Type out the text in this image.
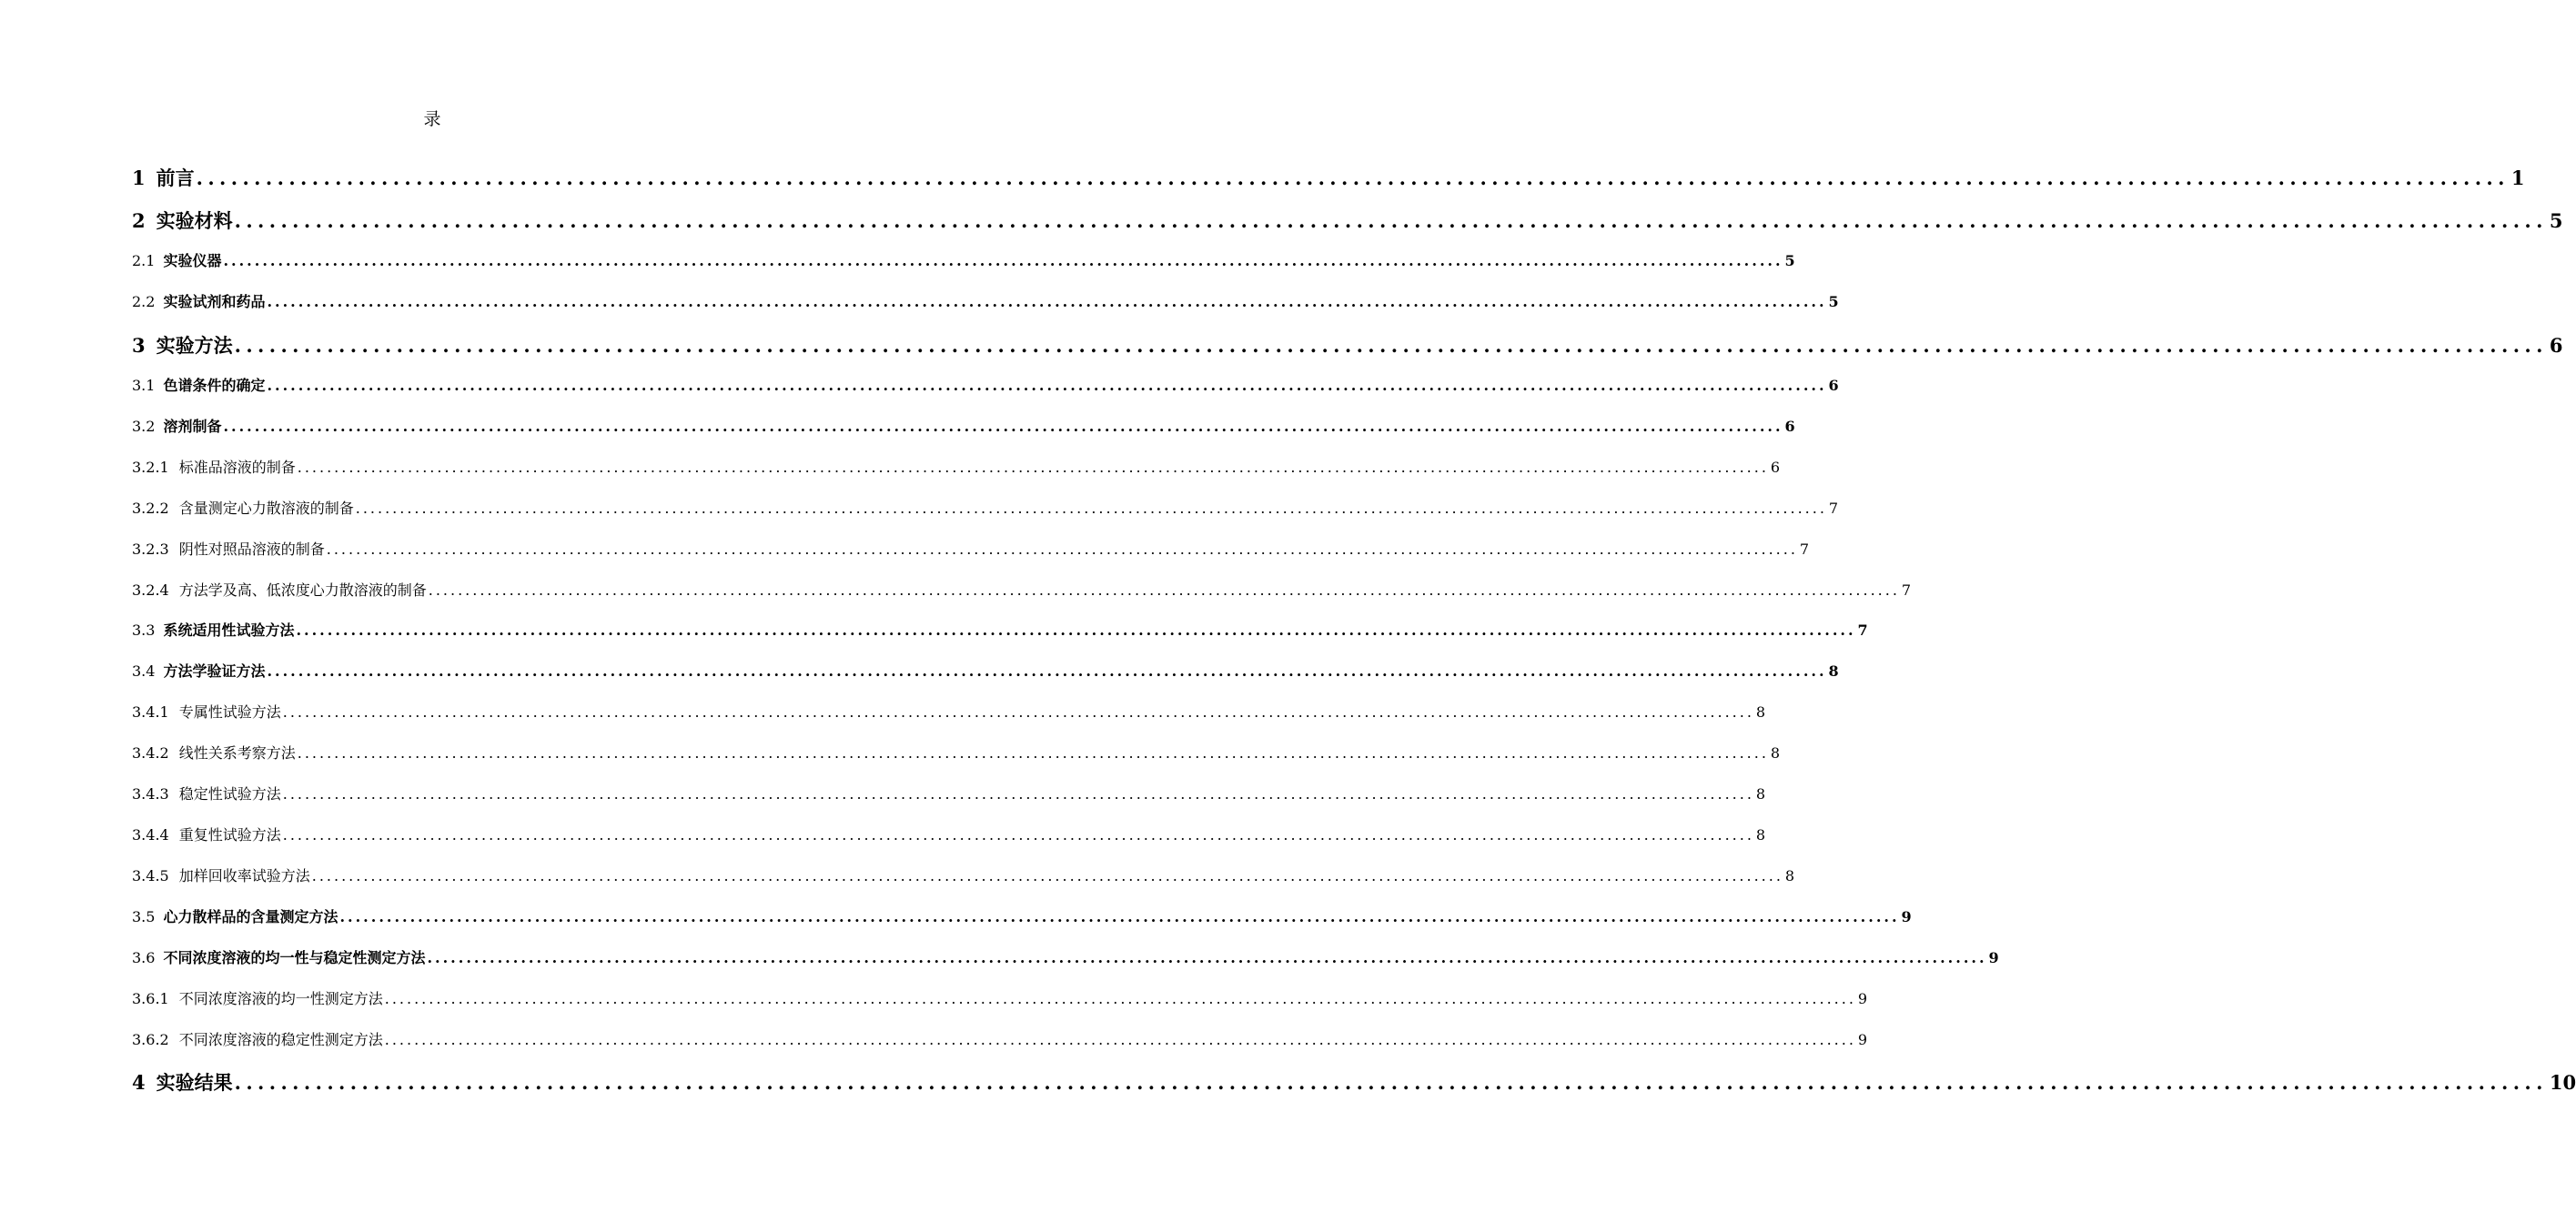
录
1 前言 ........................................................................................................................................................................................................ 1
2 实验材料 ........................................................................................................................................................................................................ 5
2.1 实验仪器 ........................................................................................................................................................................................................ 5
2.2 实验试剂和药品 ........................................................................................................................................................................................................ 5
3 实验方法 ........................................................................................................................................................................................................ 6
3.1 色谱条件的确定 ........................................................................................................................................................................................................ 6
3.2 溶剂制备 ........................................................................................................................................................................................................ 6
3.2.1 标准品溶液的制备 ........................................................................................................................................................................................................ 6
3.2.2 含量测定心力散溶液的制备 ........................................................................................................................................................................................................ 7
3.2.3 阴性对照品溶液的制备 ........................................................................................................................................................................................................ 7
3.2.4 方法学及高、低浓度心力散溶液的制备 ........................................................................................................................................................................................................ 7
3.3 系统适用性试验方法 ........................................................................................................................................................................................................ 7
3.4 方法学验证方法 ........................................................................................................................................................................................................ 8
3.4.1 专属性试验方法 ........................................................................................................................................................................................................ 8
3.4.2 线性关系考察方法 ........................................................................................................................................................................................................ 8
3.4.3 稳定性试验方法 ........................................................................................................................................................................................................ 8
3.4.4 重复性试验方法 ........................................................................................................................................................................................................ 8
3.4.5 加样回收率试验方法 ........................................................................................................................................................................................................ 8
3.5 心力散样品的含量测定方法 ........................................................................................................................................................................................................ 9
3.6 不同浓度溶液的均一性与稳定性测定方法 ........................................................................................................................................................................................................ 9
3.6.1 不同浓度溶液的均一性测定方法 ........................................................................................................................................................................................................ 9
3.6.2 不同浓度溶液的稳定性测定方法 ........................................................................................................................................................................................................ 9
4 实验结果 ........................................................................................................................................................................................................ 10
